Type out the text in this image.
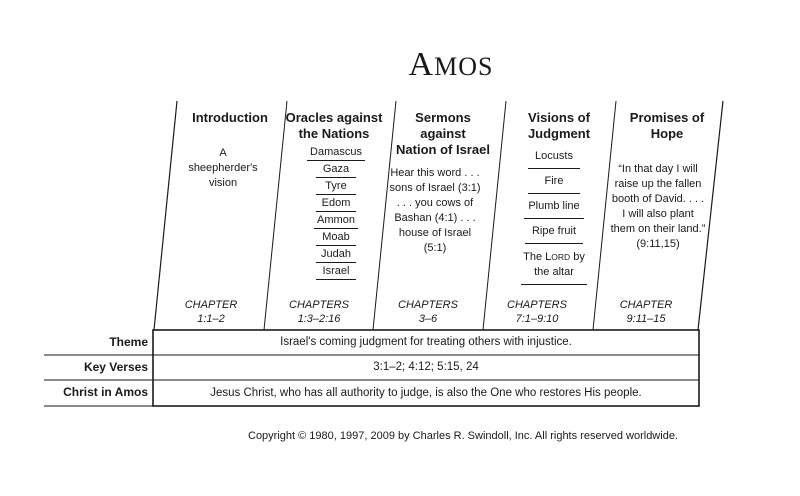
AMOS
Introduction
A
sheepherder's
vision
CHAPTER
1:1–2
Oracles against
the Nations
Damascus
Gaza
Tyre
Edom
Ammon
Moab
Judah
Israel
CHAPTERS
1:3–2:16
Sermons
against
Nation of Israel
Hear this word . . .
sons of Israel (3:1)
. . . you cows of
Bashan (4:1) . . .
house of Israel
(5:1)
CHAPTERS
3–6
Visions of
Judgment
Locusts
Fire
Plumb line
Ripe fruit
The LORD by
the altar
CHAPTERS
7:1–9:10
Promises of
Hope
“In that day I will
raise up the fallen
booth of David. . . .
I will also plant
them on their land.”
(9:11,15)
CHAPTER
9:11–15
Theme	Israel's coming judgment for treating others with injustice.
Key Verses	3:1–2; 4:12; 5:15, 24
Christ in Amos	Jesus Christ, who has all authority to judge, is also the One who restores His people.
Copyright © 1980, 1997, 2009 by Charles R. Swindoll, Inc. All rights reserved worldwide.
